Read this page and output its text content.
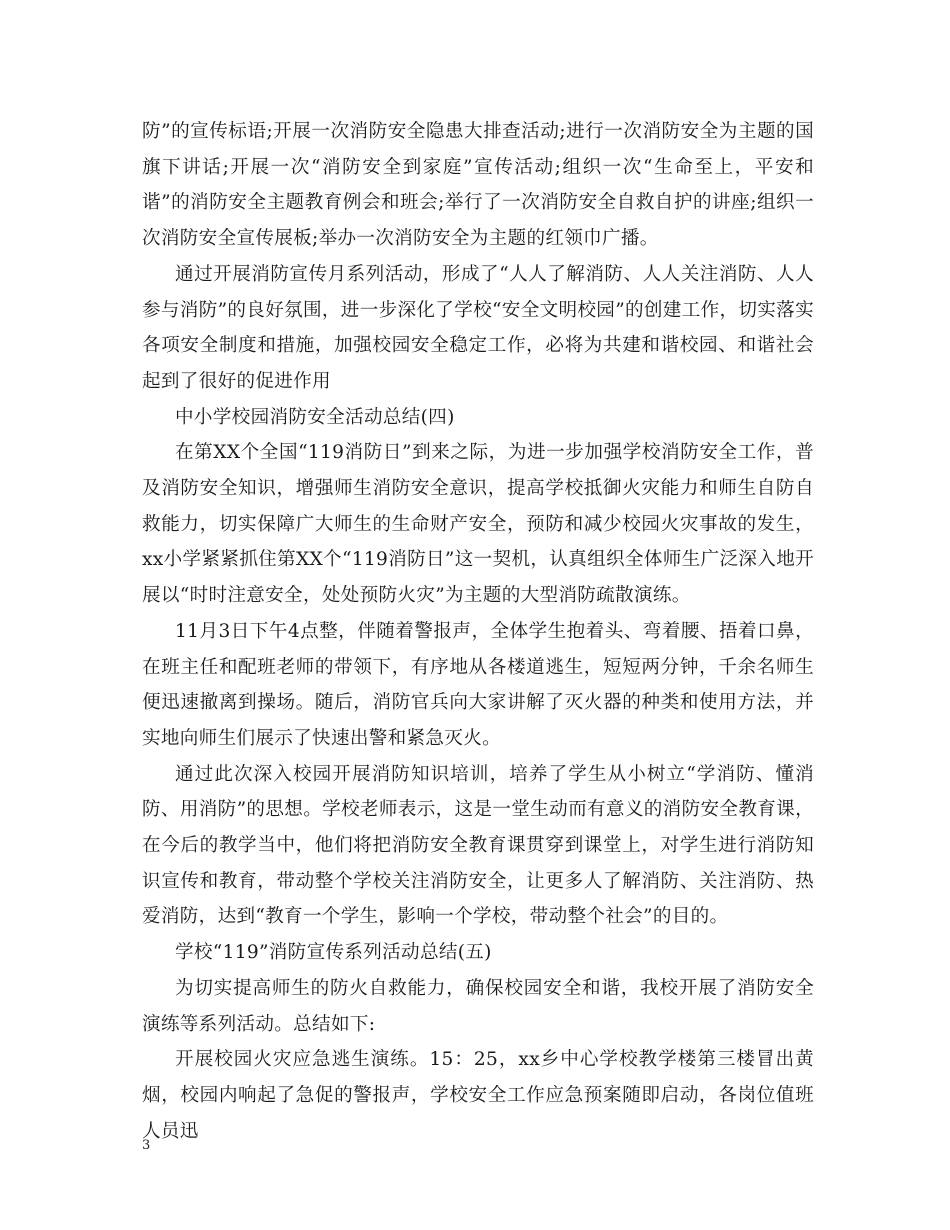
防”的宣传标语;开展一次消防安全隐患大排查活动;进行一次消防安全为主题的国旗下讲话;开展一次“消防安全到家庭”宣传活动;组织一次“生命至上，平安和谐”的消防安全主题教育例会和班会;举行了一次消防安全自救自护的讲座;组织一次消防安全宣传展板;举办一次消防安全为主题的红领巾广播。

通过开展消防宣传月系列活动，形成了“人人了解消防、人人关注消防、人人参与消防”的良好氛围，进一步深化了学校“安全文明校园”的创建工作，切实落实各项安全制度和措施，加强校园安全稳定工作，必将为共建和谐校园、和谐社会起到了很好的促进作用

中小学校园消防安全活动总结(四)

在第XX个全国“119消防日”到来之际，为进一步加强学校消防安全工作，普及消防安全知识，增强师生消防安全意识，提高学校抵御火灾能力和师生自防自救能力，切实保障广大师生的生命财产安全，预防和减少校园火灾事故的发生，xx小学紧紧抓住第XX个“119消防日”这一契机，认真组织全体师生广泛深入地开展以“时时注意安全，处处预防火灾”为主题的大型消防疏散演练。

11月3日下午4点整，伴随着警报声，全体学生抱着头、弯着腰、捂着口鼻，在班主任和配班老师的带领下，有序地从各楼道逃生，短短两分钟，千余名师生便迅速撤离到操场。随后，消防官兵向大家讲解了灭火器的种类和使用方法，并实地向师生们展示了快速出警和紧急灭火。

通过此次深入校园开展消防知识培训，培养了学生从小树立“学消防、懂消防、用消防”的思想。学校老师表示，这是一堂生动而有意义的消防安全教育课，在今后的教学当中，他们将把消防安全教育课贯穿到课堂上，对学生进行消防知识宣传和教育，带动整个学校关注消防安全，让更多人了解消防、关注消防、热爱消防，达到“教育一个学生，影响一个学校，带动整个社会”的目的。

学校“119”消防宣传系列活动总结(五)

为切实提高师生的防火自救能力，确保校园安全和谐，我校开展了消防安全演练等系列活动。总结如下:

开展校园火灾应急逃生演练。15：25，xx乡中心学校教学楼第三楼冒出黄烟，校园内响起了急促的警报声，学校安全工作应急预案随即启动，各岗位值班人员迅

3
